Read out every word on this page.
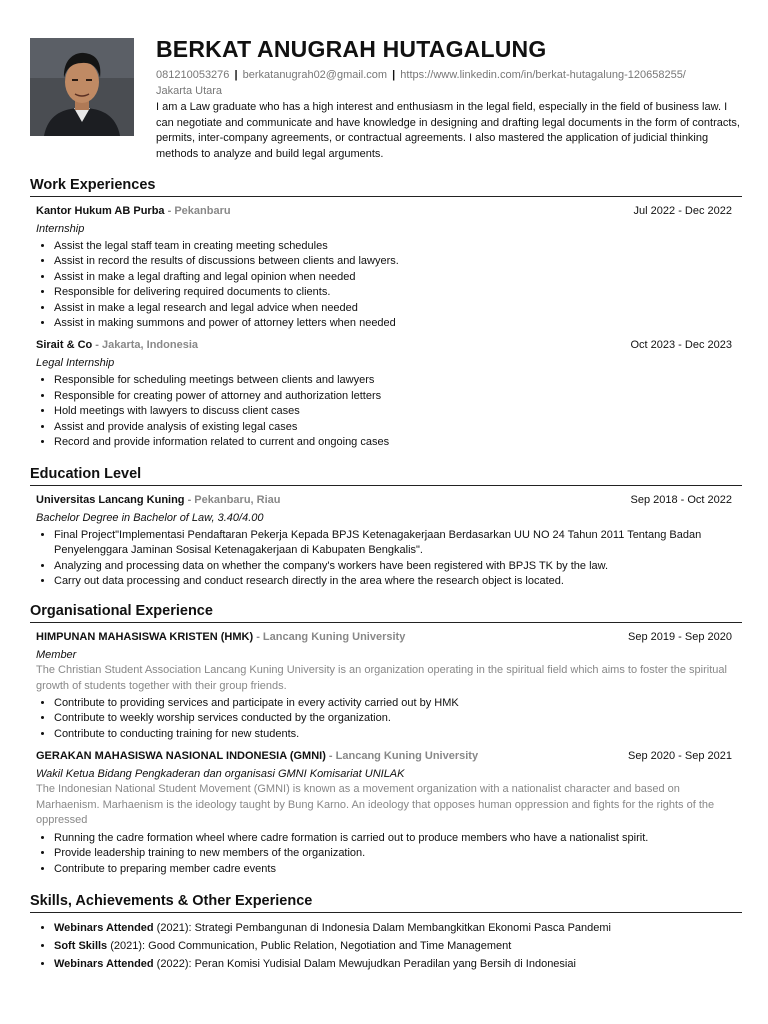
BERKAT ANUGRAH HUTAGALUNG
081210053276 | berkatanugrah02@gmail.com | https://www.linkedin.com/in/berkat-hutagalung-120658255/
Jakarta Utara
I am a Law graduate who has a high interest and enthusiasm in the legal field, especially in the field of business law. I can negotiate and communicate and have knowledge in designing and drafting legal documents in the form of contracts, permits, inter-company agreements, or contractual agreements. I also mastered the application of judicial thinking methods to analyze and build legal arguments.
Work Experiences
Kantor Hukum AB Purba - Pekanbaru	Jul 2022 - Dec 2022
Internship
• Assist the legal staff team in creating meeting schedules
• Assist in record the results of discussions between clients and lawyers.
• Assist in make a legal drafting and legal opinion when needed
• Responsible for delivering required documents to clients.
• Assist in make a legal research and legal advice when needed
• Assist in making summons and power of attorney letters when needed
Sirait & Co - Jakarta, Indonesia	Oct 2023 - Dec 2023
Legal Internship
• Responsible for scheduling meetings between clients and lawyers
• Responsible for creating power of attorney and authorization letters
• Hold meetings with lawyers to discuss client cases
• Assist and provide analysis of existing legal cases
• Record and provide information related to current and ongoing cases
Education Level
Universitas Lancang Kuning - Pekanbaru, Riau	Sep 2018 - Oct 2022
Bachelor Degree in Bachelor of Law, 3.40/4.00
• Final Project"Implementasi Pendaftaran Pekerja Kepada BPJS Ketenagakerjaan Berdasarkan UU NO 24 Tahun 2011 Tentang Badan Penyelenggara Jaminan Sosisal Ketenagakerjaan di Kabupaten Bengkalis".
• Analyzing and processing data on whether the company's workers have been registered with BPJS TK by the law.
• Carry out data processing and conduct research directly in the area where the research object is located.
Organisational Experience
HIMPUNAN MAHASISWA KRISTEN (HMK) - Lancang Kuning University	Sep 2019 - Sep 2020
Member
The Christian Student Association Lancang Kuning University is an organization operating in the spiritual field which aims to foster the spiritual growth of students together with their group friends.
• Contribute to providing services and participate in every activity carried out by HMK
• Contribute to weekly worship services conducted by the organization.
• Contribute to conducting training for new students.
GERAKAN MAHASISWA NASIONAL INDONESIA (GMNI) - Lancang Kuning University	Sep 2020 - Sep 2021
Wakil Ketua Bidang Pengkaderan dan organisasi GMNI Komisariat UNILAK
The Indonesian National Student Movement (GMNI) is known as a movement organization with a nationalist character and based on Marhaenism. Marhaenism is the ideology taught by Bung Karno. An ideology that opposes human oppression and fights for the rights of the oppressed
• Running the cadre formation wheel where cadre formation is carried out to produce members who have a nationalist spirit.
• Provide leadership training to new members of the organization.
• Contribute to preparing member cadre events
Skills, Achievements & Other Experience
• Webinars Attended (2021): Strategi Pembangunan di Indonesia Dalam Membangkitkan Ekonomi Pasca Pandemi
• Soft Skills (2021): Good Communication, Public Relation, Negotiation and Time Management
• Webinars Attended (2022): Peran Komisi Yudisial Dalam Mewujudkan Peradilan yang Bersih di Indonesiai
